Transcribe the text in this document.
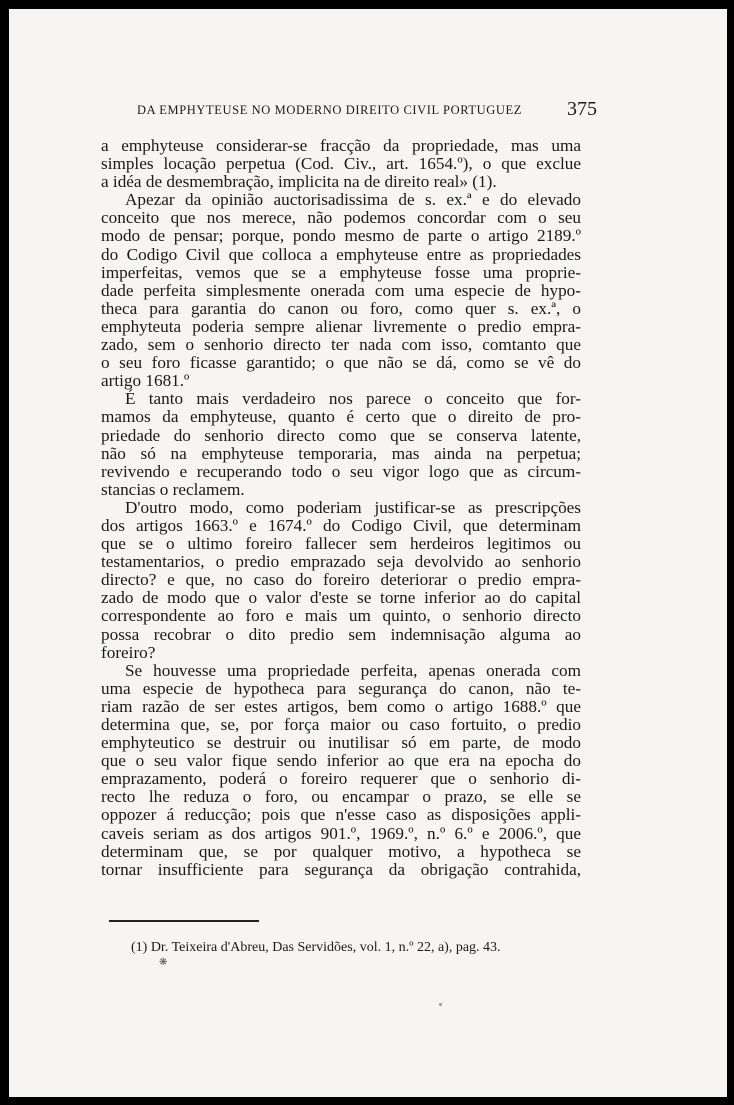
DA EMPHYTEUSE NO MODERNO DIREITO CIVIL PORTUGUEZ 375
a emphyteuse considerar-se fracção da propriedade, mas uma
simples locação perpetua (Cod. Civ., art. 1654.º), o que exclue
a idéa de desmembração, implicita na de direito real» (1).
Apezar da opinião auctorisadissima de s. ex.ª e do elevado
conceito que nos merece, não podemos concordar com o seu
modo de pensar; porque, pondo mesmo de parte o artigo 2189.º
do Codigo Civil que colloca a emphyteuse entre as propriedades
imperfeitas, vemos que se a emphyteuse fosse uma proprie-
dade perfeita simplesmente onerada com uma especie de hypo-
theca para garantia do canon ou foro, como quer s. ex.ª, o
emphyteuta poderia sempre alienar livremente o predio empra-
zado, sem o senhorio directo ter nada com isso, comtanto que
o seu foro ficasse garantido; o que não se dá, como se vê do
artigo 1681.º
É tanto mais verdadeiro nos parece o conceito que for-
mamos da emphyteuse, quanto é certo que o direito de pro-
priedade do senhorio directo como que se conserva latente,
não só na emphyteuse temporaria, mas ainda na perpetua;
revivendo e recuperando todo o seu vigor logo que as circum-
stancias o reclamem.
D'outro modo, como poderiam justificar-se as prescripções
dos artigos 1663.º e 1674.º do Codigo Civil, que determinam
que se o ultimo foreiro fallecer sem herdeiros legitimos ou
testamentarios, o predio emprazado seja devolvido ao senhorio
directo? e que, no caso do foreiro deteriorar o predio empra-
zado de modo que o valor d'este se torne inferior ao do capital
correspondente ao foro e mais um quinto, o senhorio directo
possa recobrar o dito predio sem indemnisação alguma ao
foreiro?
Se houvesse uma propriedade perfeita, apenas onerada com
uma especie de hypotheca para segurança do canon, não te-
riam razão de ser estes artigos, bem como o artigo 1688.º que
determina que, se, por força maior ou caso fortuito, o predio
emphyteutico se destruir ou inutilisar só em parte, de modo
que o seu valor fique sendo inferior ao que era na epocha do
emprazamento, poderá o foreiro requerer que o senhorio di-
recto lhe reduza o foro, ou encampar o prazo, se elle se
oppozer á reducção; pois que n'esse caso as disposições appli-
caveis seriam as dos artigos 901.º, 1969.º, n.º 6.º e 2006.º, que
determinam que, se por qualquer motivo, a hypotheca se
tornar insufficiente para segurança da obrigação contrahida,
(1) Dr. Teixeira d'Abreu, Das Servidões, vol. 1, n.º 22, a), pag. 43.
❋
